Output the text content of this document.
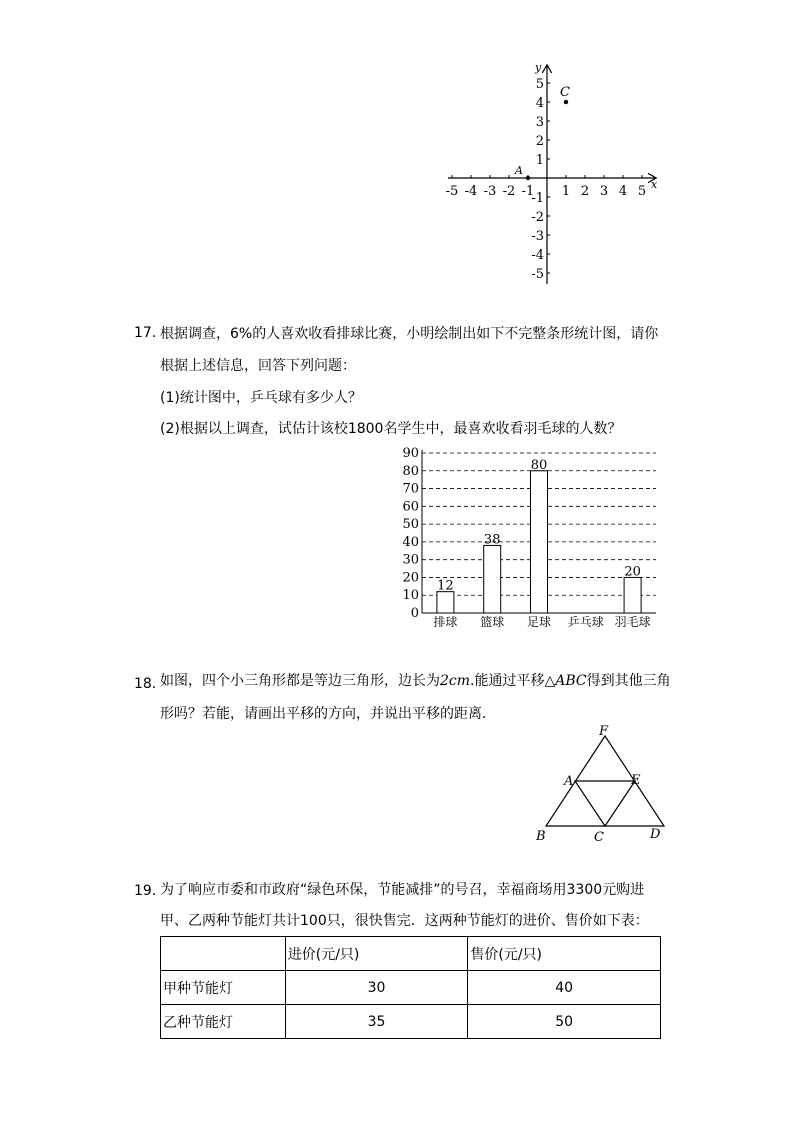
-5 -4 -3 -2 -1 1 2 3 4 5
5
4
3
2
1
-1
-2
-3
-4
-5
x
y
C
A
17. 根据调查，6%的人喜欢收看排球比赛，小明绘制出如下不完整条形统计图，请你
根据上述信息，回答下列问题：
(1)统计图中，乒乓球有多少人？
(2)根据以上调查，试估计该校1800名学生中，最喜欢收看羽毛球的人数？
0
10
20
30
40
50
60
70
80
90
12
38
80
20
排球 篮球 足球 乒乓球 羽毛球
18. 如图，四个小三角形都是等边三角形，边长为2cm.能通过平移△ABC得到其他三角
形吗？若能，请画出平移的方向，并说出平移的距离．
F
A	E
B	C	D
19. 为了响应市委和市政府“绿色环保，节能减排”的号召，幸福商场用3300元购进
甲、乙两种节能灯共计100只，很快售完．这两种节能灯的进价、售价如下表：
	进价(元/只)	售价(元/只)
甲种节能灯	30	40
乙种节能灯	35	50
